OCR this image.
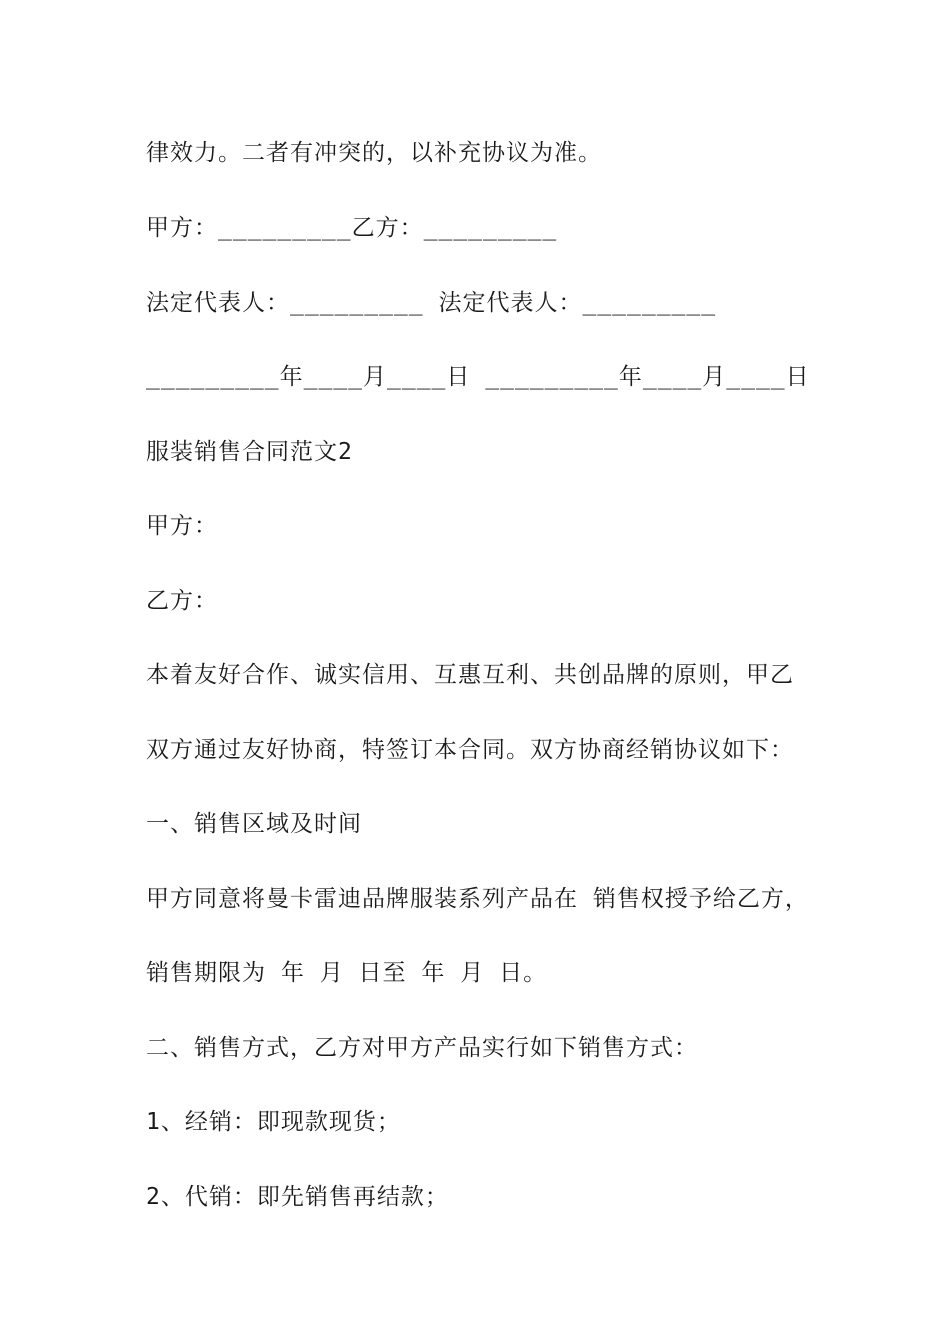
律效力。二者有冲突的，以补充协议为准。

甲方：_________乙方：_________

法定代表人：_________ 法定代表人：_________

_________年____月____日 _________年____月____日

服装销售合同范文2

甲方：

乙方：

本着友好合作、诚实信用、互惠互利、共创品牌的原则，甲乙

双方通过友好协商，特签订本合同。双方协商经销协议如下：

一、销售区域及时间

甲方同意将曼卡雷迪品牌服装系列产品在 销售权授予给乙方，

销售期限为 年 月 日至 年 月 日。

二、销售方式，乙方对甲方产品实行如下销售方式：

1、经销：即现款现货；

2、代销：即先销售再结款；
